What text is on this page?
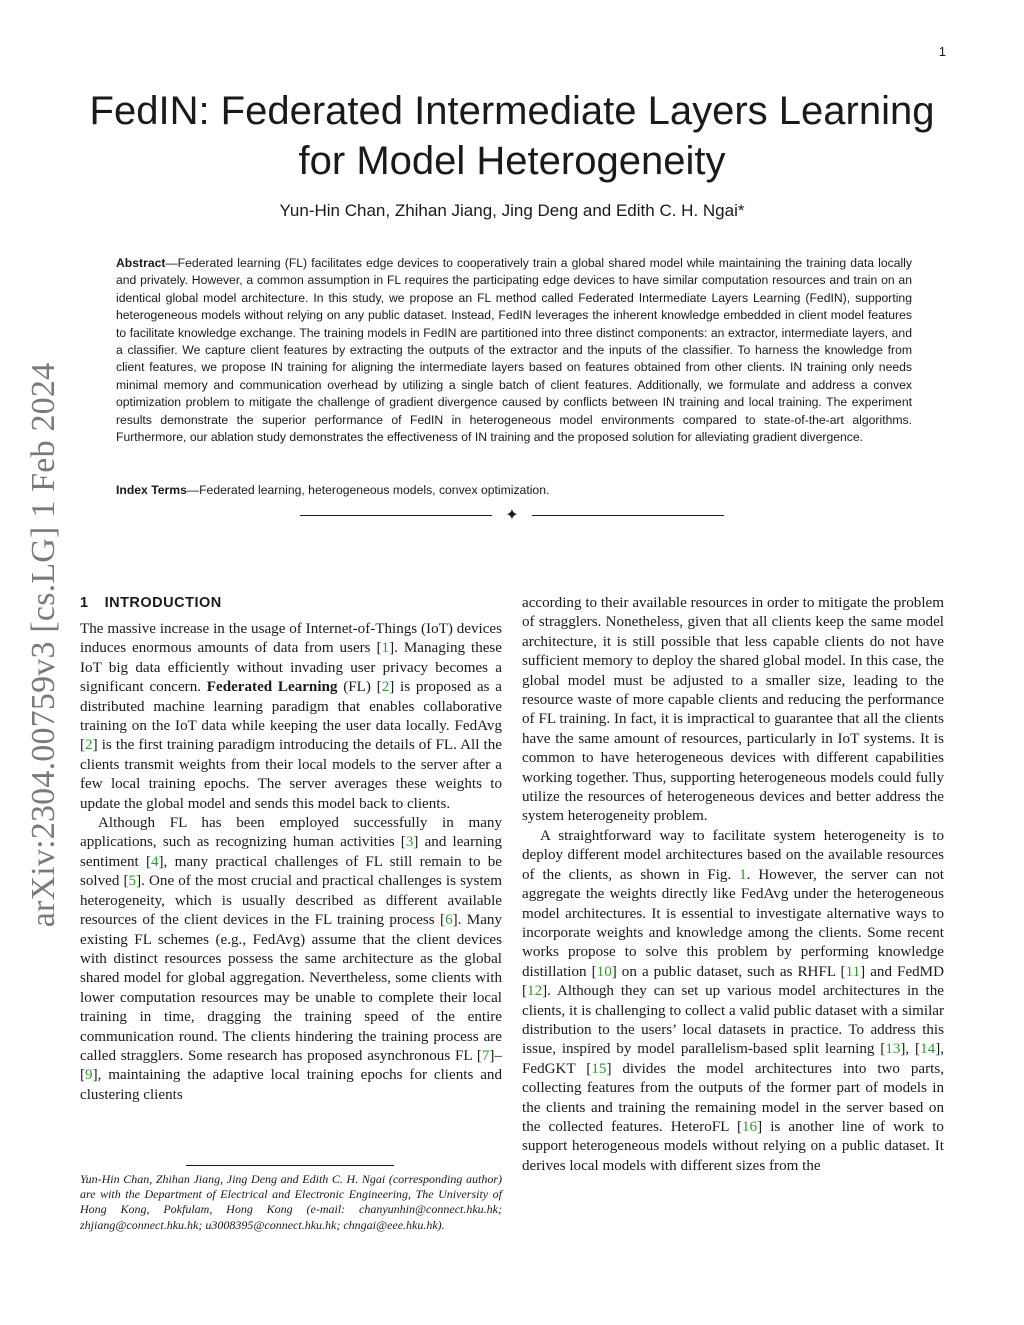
1
FedIN: Federated Intermediate Layers Learning
for Model Heterogeneity
Yun-Hin Chan, Zhihan Jiang, Jing Deng and Edith C. H. Ngai*
Abstract—Federated learning (FL) facilitates edge devices to cooperatively train a global shared model while maintaining the training data locally and privately. However, a common assumption in FL requires the participating edge devices to have similar computation resources and train on an identical global model architecture. In this study, we propose an FL method called Federated Intermediate Layers Learning (FedIN), supporting heterogeneous models without relying on any public dataset. Instead, FedIN leverages the inherent knowledge embedded in client model features to facilitate knowledge exchange. The training models in FedIN are partitioned into three distinct components: an extractor, intermediate layers, and a classifier. We capture client features by extracting the outputs of the extractor and the inputs of the classifier. To harness the knowledge from client features, we propose IN training for aligning the intermediate layers based on features obtained from other clients. IN training only needs minimal memory and communication overhead by utilizing a single batch of client features. Additionally, we formulate and address a convex optimization problem to mitigate the challenge of gradient divergence caused by conflicts between IN training and local training. The experiment results demonstrate the superior performance of FedIN in heterogeneous model environments compared to state-of-the-art algorithms. Furthermore, our ablation study demonstrates the effectiveness of IN training and the proposed solution for alleviating gradient divergence.
Index Terms—Federated learning, heterogeneous models, convex optimization.
✦
arXiv:2304.00759v3 [cs.LG] 1 Feb 2024 1 INTRODUCTION

The massive increase in the usage of Internet-of-Things (IoT) devices induces enormous amounts of data from users [1]. Managing these IoT big data efficiently without invading user privacy becomes a significant concern. Federated Learning (FL) [2] is proposed as a distributed machine learning paradigm that enables collaborative training on the IoT data while keeping the user data locally. FedAvg [2] is the first training paradigm introducing the details of FL. All the clients transmit weights from their local models to the server after a few local training epochs. The server averages these weights to update the global model and sends this model back to clients.

Although FL has been employed successfully in many applications, such as recognizing human activities [3] and learning sentiment [4], many practical challenges of FL still remain to be solved [5]. One of the most crucial and practical challenges is system heterogeneity, which is usually described as different available resources of the client devices in the FL training process [6]. Many existing FL schemes (e.g., FedAvg) assume that the client devices with distinct resources possess the same architecture as the global shared model for global aggregation. Nevertheless, some clients with lower computation resources may be unable to complete their local training in time, dragging the training speed of the entire communication round. The clients hindering the training process are called stragglers. Some research has proposed asynchronous FL [7]–[9], maintaining the adaptive local training epochs for clients and clustering clients

according to their available resources in order to mitigate the problem of stragglers. Nonetheless, given that all clients keep the same model architecture, it is still possible that less capable clients do not have sufficient memory to deploy the shared global model. In this case, the global model must be adjusted to a smaller size, leading to the resource waste of more capable clients and reducing the performance of FL training. In fact, it is impractical to guarantee that all the clients have the same amount of resources, particularly in IoT systems. It is common to have heterogeneous devices with different capabilities working together. Thus, supporting heterogeneous models could fully utilize the resources of heterogeneous devices and better address the system heterogeneity problem.

A straightforward way to facilitate system heterogeneity is to deploy different model architectures based on the available resources of the clients, as shown in Fig. 1. However, the server can not aggregate the weights directly like FedAvg under the heterogeneous model architectures. It is essential to investigate alternative ways to incorporate weights and knowledge among the clients. Some recent works propose to solve this problem by performing knowledge distillation [10] on a public dataset, such as RHFL [11] and FedMD [12]. Although they can set up various model architectures in the clients, it is challenging to collect a valid public dataset with a similar distribution to the users’ local datasets in practice. To address this issue, inspired by model parallelism-based split learning [13], [14], FedGKT [15] divides the model architectures into two parts, collecting features from the outputs of the former part of models in the clients and training the remaining model in the server based on the collected features. HeteroFL [16] is another line of work to support heterogeneous models without relying on a public dataset. It derives local models with different sizes from the

Yun-Hin Chan, Zhihan Jiang, Jing Deng and Edith C. H. Ngai (corresponding author) are with the Department of Electrical and Electronic Engineering, The University of Hong Kong, Pokfulam, Hong Kong (e-mail: chanyunhin@connect.hku.hk; zhjiang@connect.hku.hk; u3008395@connect.hku.hk; chngai@eee.hku.hk).
